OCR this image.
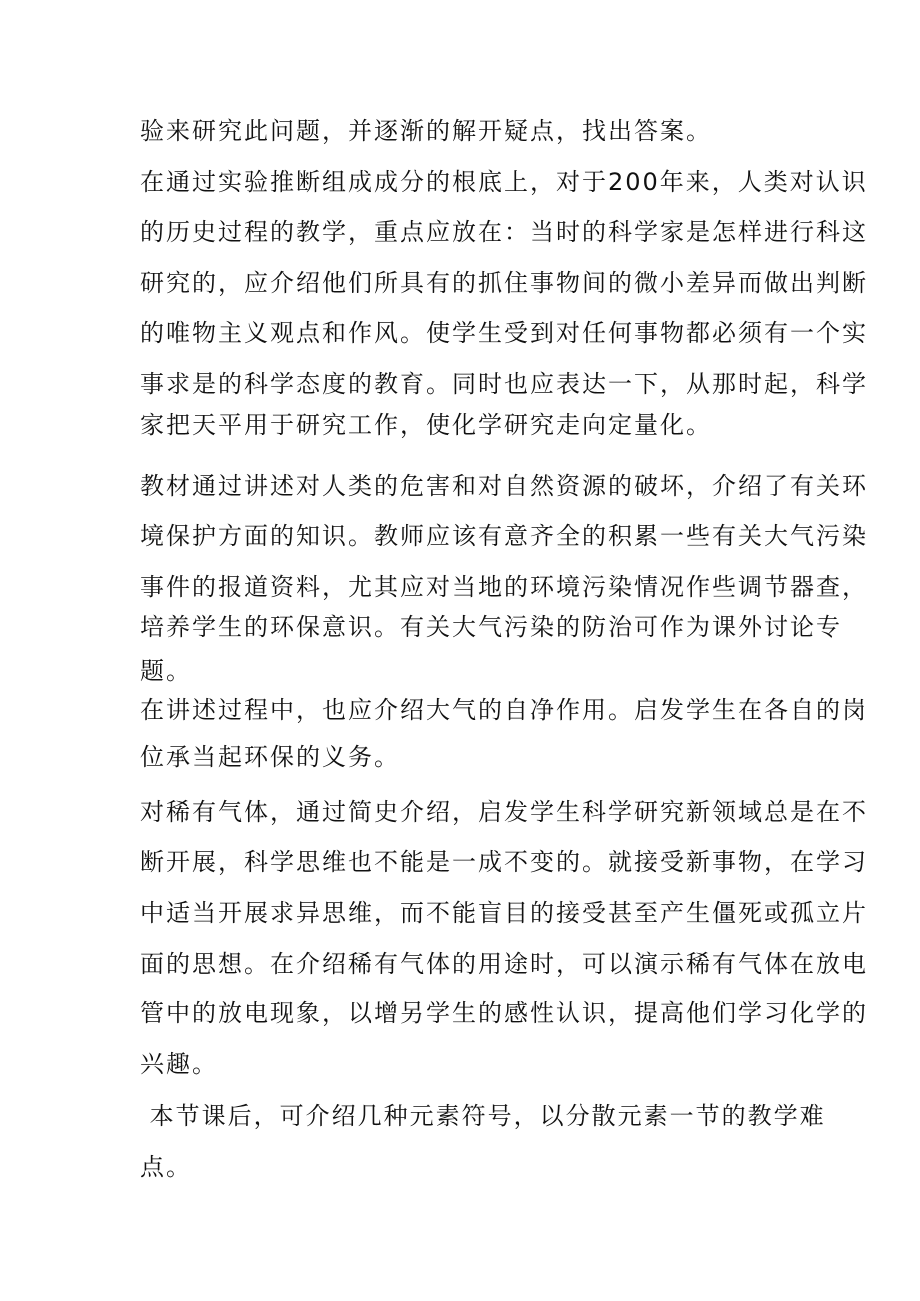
验来研究此问题，并逐渐的解开疑点，找出答案。
在通过实验推断组成成分的根底上，对于200年来，人类对认识
的历史过程的教学，重点应放在：当时的科学家是怎样进行科这
研究的，应介绍他们所具有的抓住事物间的微小差异而做出判断
的唯物主义观点和作风。使学生受到对任何事物都必须有一个实
事求是的科学态度的教育。同时也应表达一下，从那时起，科学
家把天平用于研究工作，使化学研究走向定量化。
教材通过讲述对人类的危害和对自然资源的破坏，介绍了有关环
境保护方面的知识。教师应该有意齐全的积累一些有关大气污染
事件的报道资料，尤其应对当地的环境污染情况作些调节器查，
培养学生的环保意识。有关大气污染的防治可作为课外讨论专
题。
在讲述过程中，也应介绍大气的自净作用。启发学生在各自的岗
位承当起环保的义务。
对稀有气体，通过简史介绍，启发学生科学研究新领域总是在不
断开展，科学思维也不能是一成不变的。就接受新事物，在学习
中适当开展求异思维，而不能盲目的接受甚至产生僵死或孤立片
面的思想。在介绍稀有气体的用途时，可以演示稀有气体在放电
管中的放电现象，以增另学生的感性认识，提高他们学习化学的
兴趣。
本节课后，可介绍几种元素符号，以分散元素一节的教学难
点。
